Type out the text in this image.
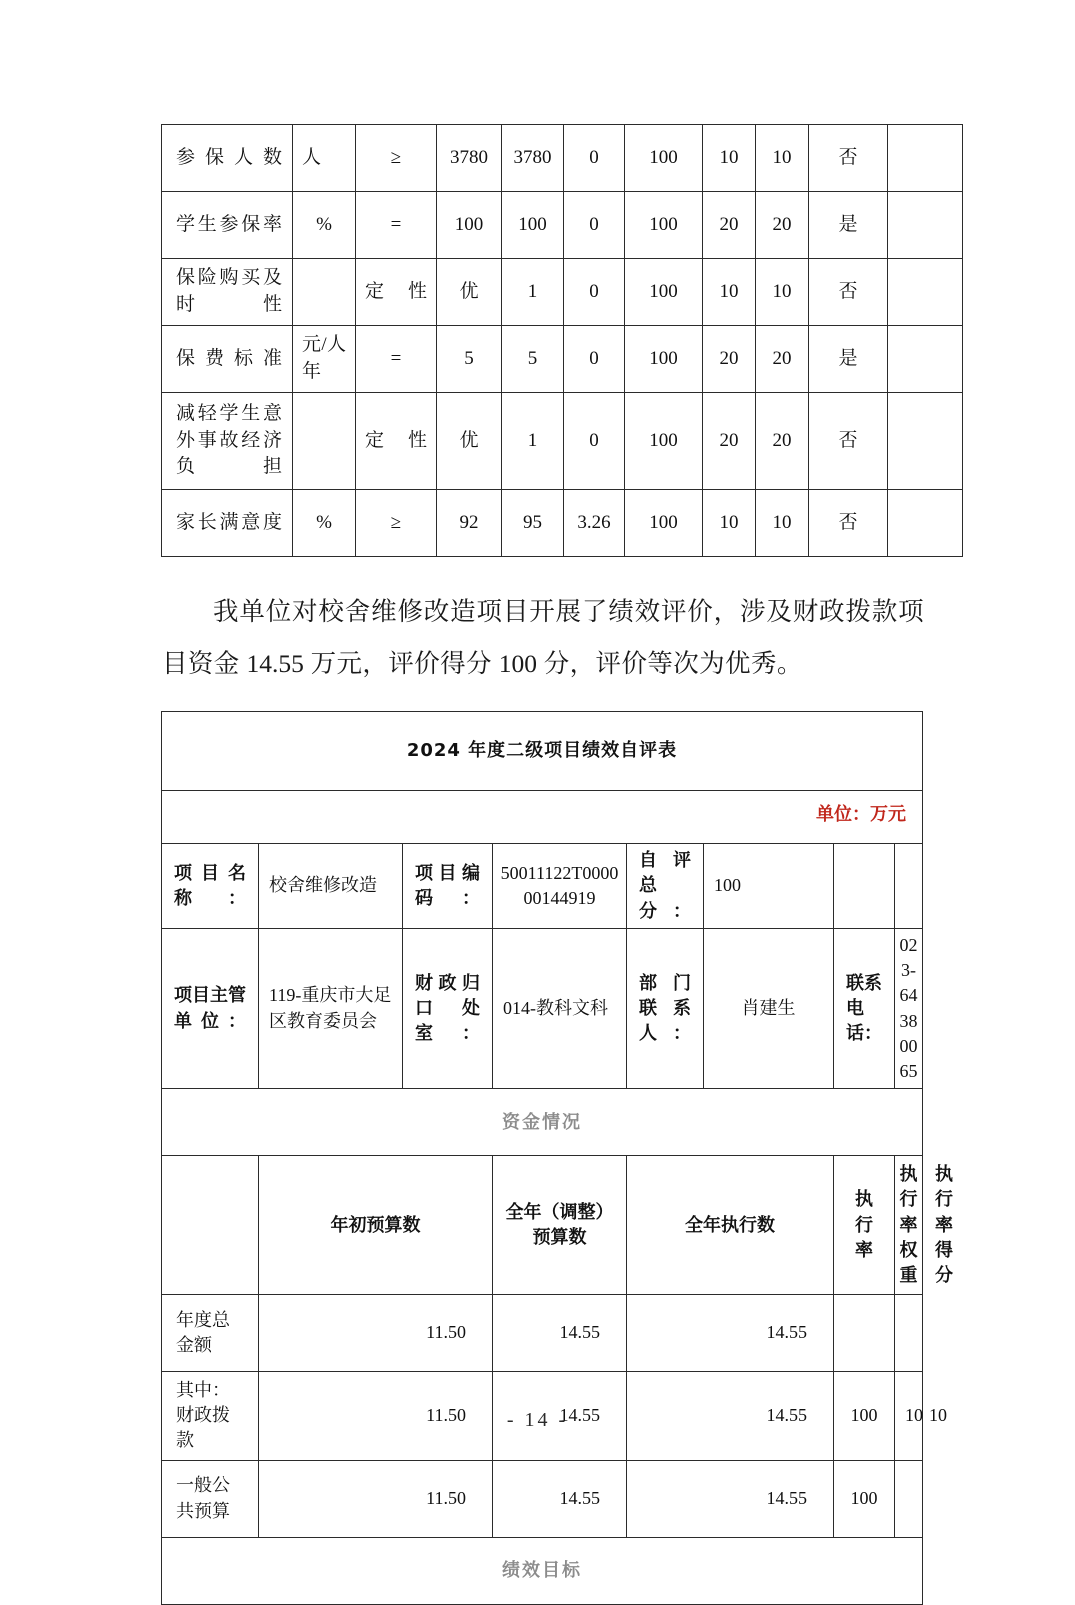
参保人数	人	≥	3780	3780	0	100	10	10	否	
学生参保率	%	=	100	100	0	100	20	20	是	
保险购买及时性		定性	优	1	0	100	10	10	否	
保费标准	元/人年	=	5	5	0	100	20	20	是	
减轻学生意外事故经济负担		定性	优	1	0	100	20	20	否	
家长满意度	%	≥	92	95	3.26	100	10	10	否	

我单位对校舍维修改造项目开展了绩效评价，涉及财政拨款项目资金 14.55 万元，评价得分 100 分，评价等次为优秀。

2024 年度二级项目绩效自评表								
单位：万元								
项目名称：	校舍维修改造	项目编码：	50011122T000000144919	自评总分：	100			
项目主管单位：	119-重庆市大足区教育委员会	财政归口处室：	014-教科文科	部门联系人：	肖建生	联系电话：	023-64380065	
资金情况								
	年初预算数		全年（调整）预算数	全年执行数		执行率	执行率权重	执行率得分
年度总金额	11.50		14.55	14.55				
其中：财政拨款	11.50		14.55	14.55		100	10	10
一般公共预算	11.50		14.55	14.55		100		
绩效目标								
- 14 -
